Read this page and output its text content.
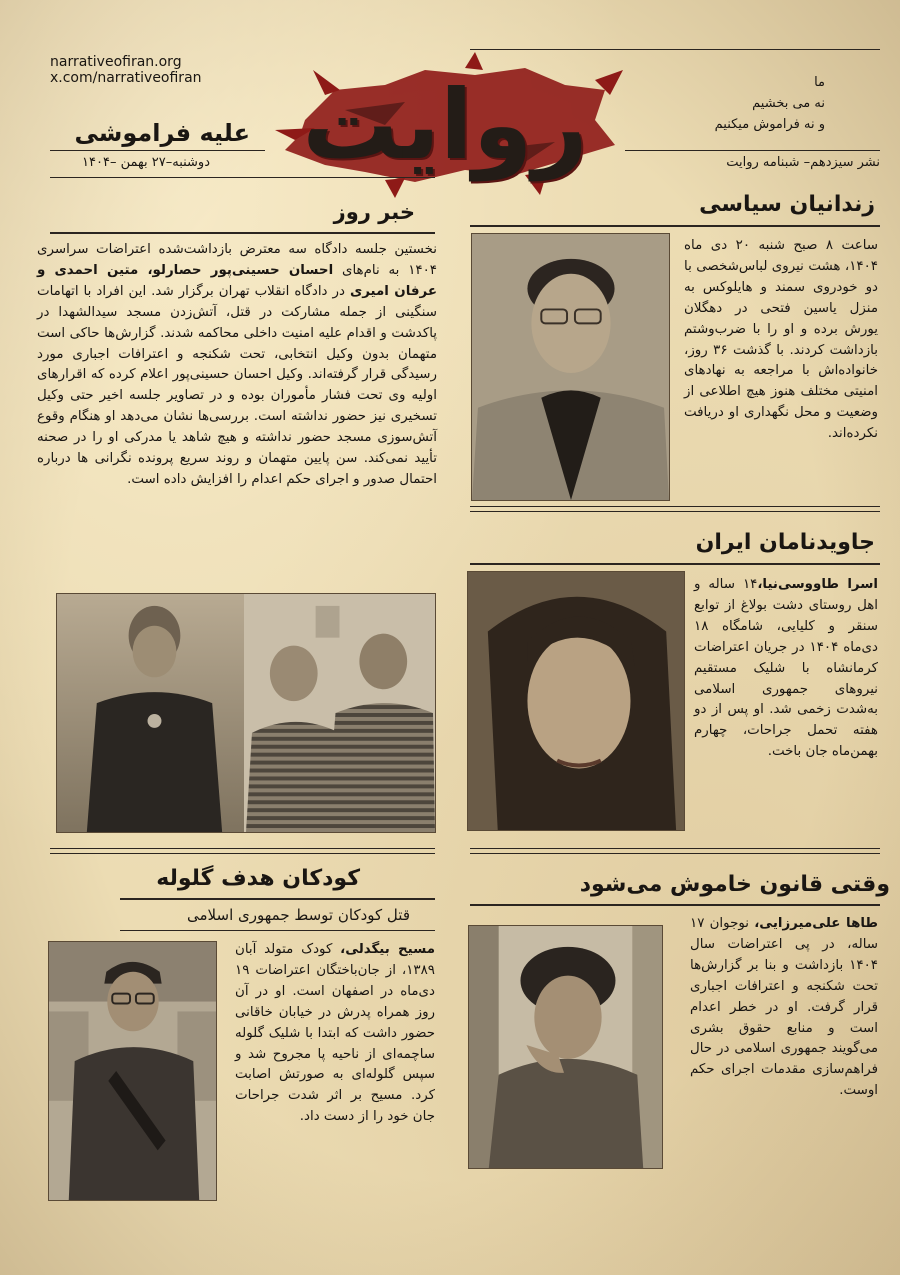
narrativeofiran.org
x.com/narrativeofiran	روایت	ما
نه می بخشیم
و نه فراموش میکنیم
علیه فراموشی
دوشنبه–۲۷ بهمن –۱۴۰۴	نشر سیزدهم– شبنامه روایت
خبر روز
نخستین جلسه دادگاه سه معترض بازداشت‌شده اعتراضات سراسری ۱۴۰۴ به نام‌های احسان حسینی‌پور حصارلو، متین احمدی و عرفان امیری در دادگاه انقلاب تهران برگزار شد. این افراد با اتهامات سنگینی از جمله مشارکت در قتل، آتش‌زدن مسجد سیدالشهدا در پاکدشت و اقدام علیه امنیت داخلی محاکمه شدند. گزارش‌ها حاکی است متهمان بدون وکیل انتخابی، تحت شکنجه و اعترافات اجباری مورد رسیدگی قرار گرفته‌اند. وکیل احسان حسینی‌پور اعلام کرده که اقرارهای اولیه وی تحت فشار مأموران بوده و در تصاویر جلسه اخیر حتی وکیل تسخیری نیز حضور نداشته است. بررسی‌ها نشان می‌دهد او هنگام وقوع آتش‌سوزی مسجد حضور نداشته و هیچ شاهد یا مدرکی او را در صحنه تأیید نمی‌کند. سن پایین متهمان و روند سریع پرونده نگرانی ها درباره احتمال صدور و اجرای حکم اعدام را افزایش داده است.
زندانیان سیاسی
ساعت ۸ صبح شنبه ۲۰ دی ماه ۱۴۰۴، هشت نیروی لباس‌شخصی با دو خودروی سمند و هایلوکس به منزل یاسین فتحی در دهگلان یورش برده و او را با ضرب‌وشتم بازداشت کردند. با گذشت ۳۶ روز، خانواده‌اش با مراجعه به نهادهای امنیتی مختلف هنوز هیچ اطلاعی از وضعیت و محل نگهداری او دریافت نکرده‌اند.
جاویدنامان ایران
اسرا طاووسی‌نیا،۱۴ ساله و اهل روستای دشت بولاغ از توابع سنقر و کلیایی، شامگاه ۱۸ دی‌ماه ۱۴۰۴ در جریان اعتراضات کرمانشاه با شلیک مستقیم نیروهای جمهوری اسلامی به‌شدت زخمی شد. او پس از دو هفته تحمل جراحات، چهارم بهمن‌ماه جان باخت.
کودکان هدف گلوله
قتل کودکان توسط جمهوری اسلامی
مسیح بیگدلی، کودک متولد آبان ۱۳۸۹، از جان‌باختگان اعتراضات ۱۹ دی‌ماه در اصفهان است. او در آن روز همراه پدرش در خیابان خاقانی حضور داشت که ابتدا با شلیک گلوله ساچمه‌ای از ناحیه پا مجروح شد و سپس گلوله‌ای به صورتش اصابت کرد. مسیح بر اثر شدت جراحات جان خود را از دست داد.
وقتی قانون خاموش می‌شود
طاها علی‌میرزایی، نوجوان ۱۷ ساله، در پی اعتراضات سال ۱۴۰۴ بازداشت و بنا بر گزارش‌ها تحت شکنجه و اعترافات اجباری قرار گرفت. او در خطر اعدام است و منابع حقوق بشری می‌گویند جمهوری اسلامی در حال فراهم‌سازی مقدمات اجرای حکم اوست.
